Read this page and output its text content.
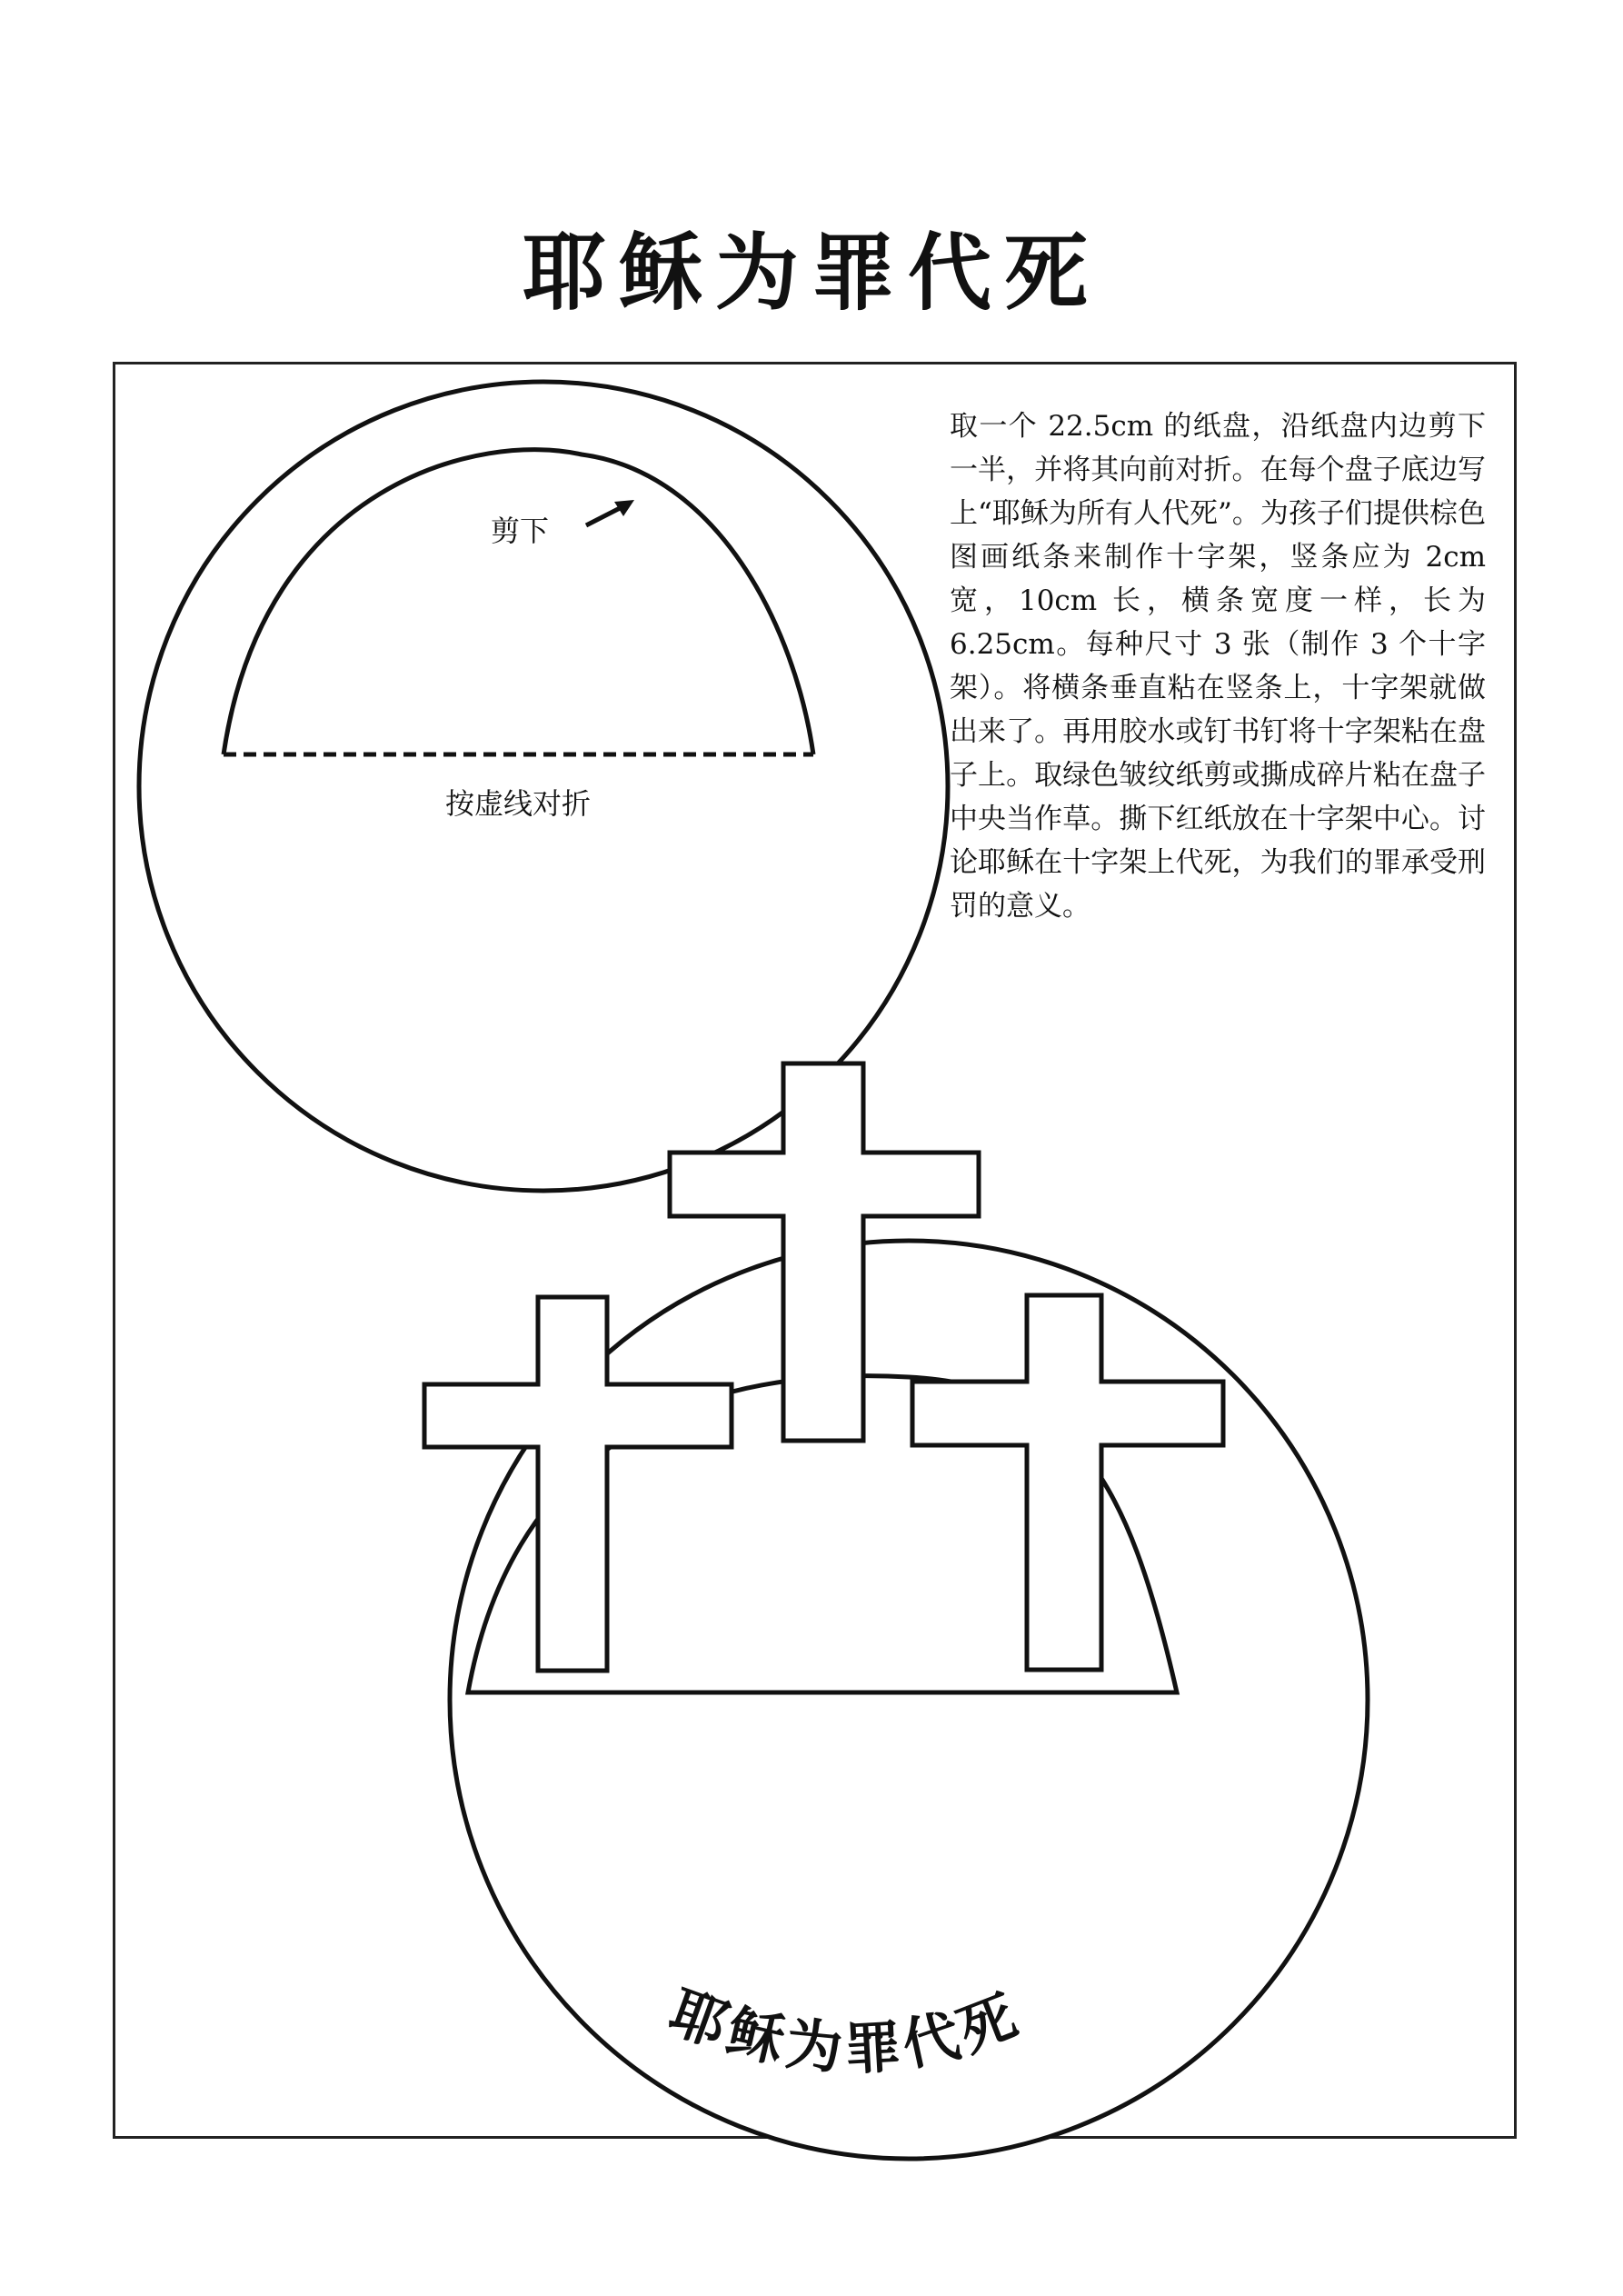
耶稣为罪代死

取一个 22.5cm 的纸盘，沿纸盘内边剪下一半，并将其向前对折。在每个盘子底边写上“耶稣为所有人代死”。为孩子们提供棕色图画纸条来制作十字架，竖条应为 2cm 宽，10cm 长，横条宽度一样，长为 6.25cm。每种尺寸 3 张（制作 3 个十字架）。将横条垂直粘在竖条上，十字架就做出来了。再用胶水或钉书钉将十字架粘在盘子上。取绿色皱纹纸剪或撕成碎片粘在盘子中央当作草。撕下红纸放在十字架中心。讨论耶稣在十字架上代死，为我们的罪承受刑罚的意义。

剪下
按虚线对折
耶稣为罪代死
